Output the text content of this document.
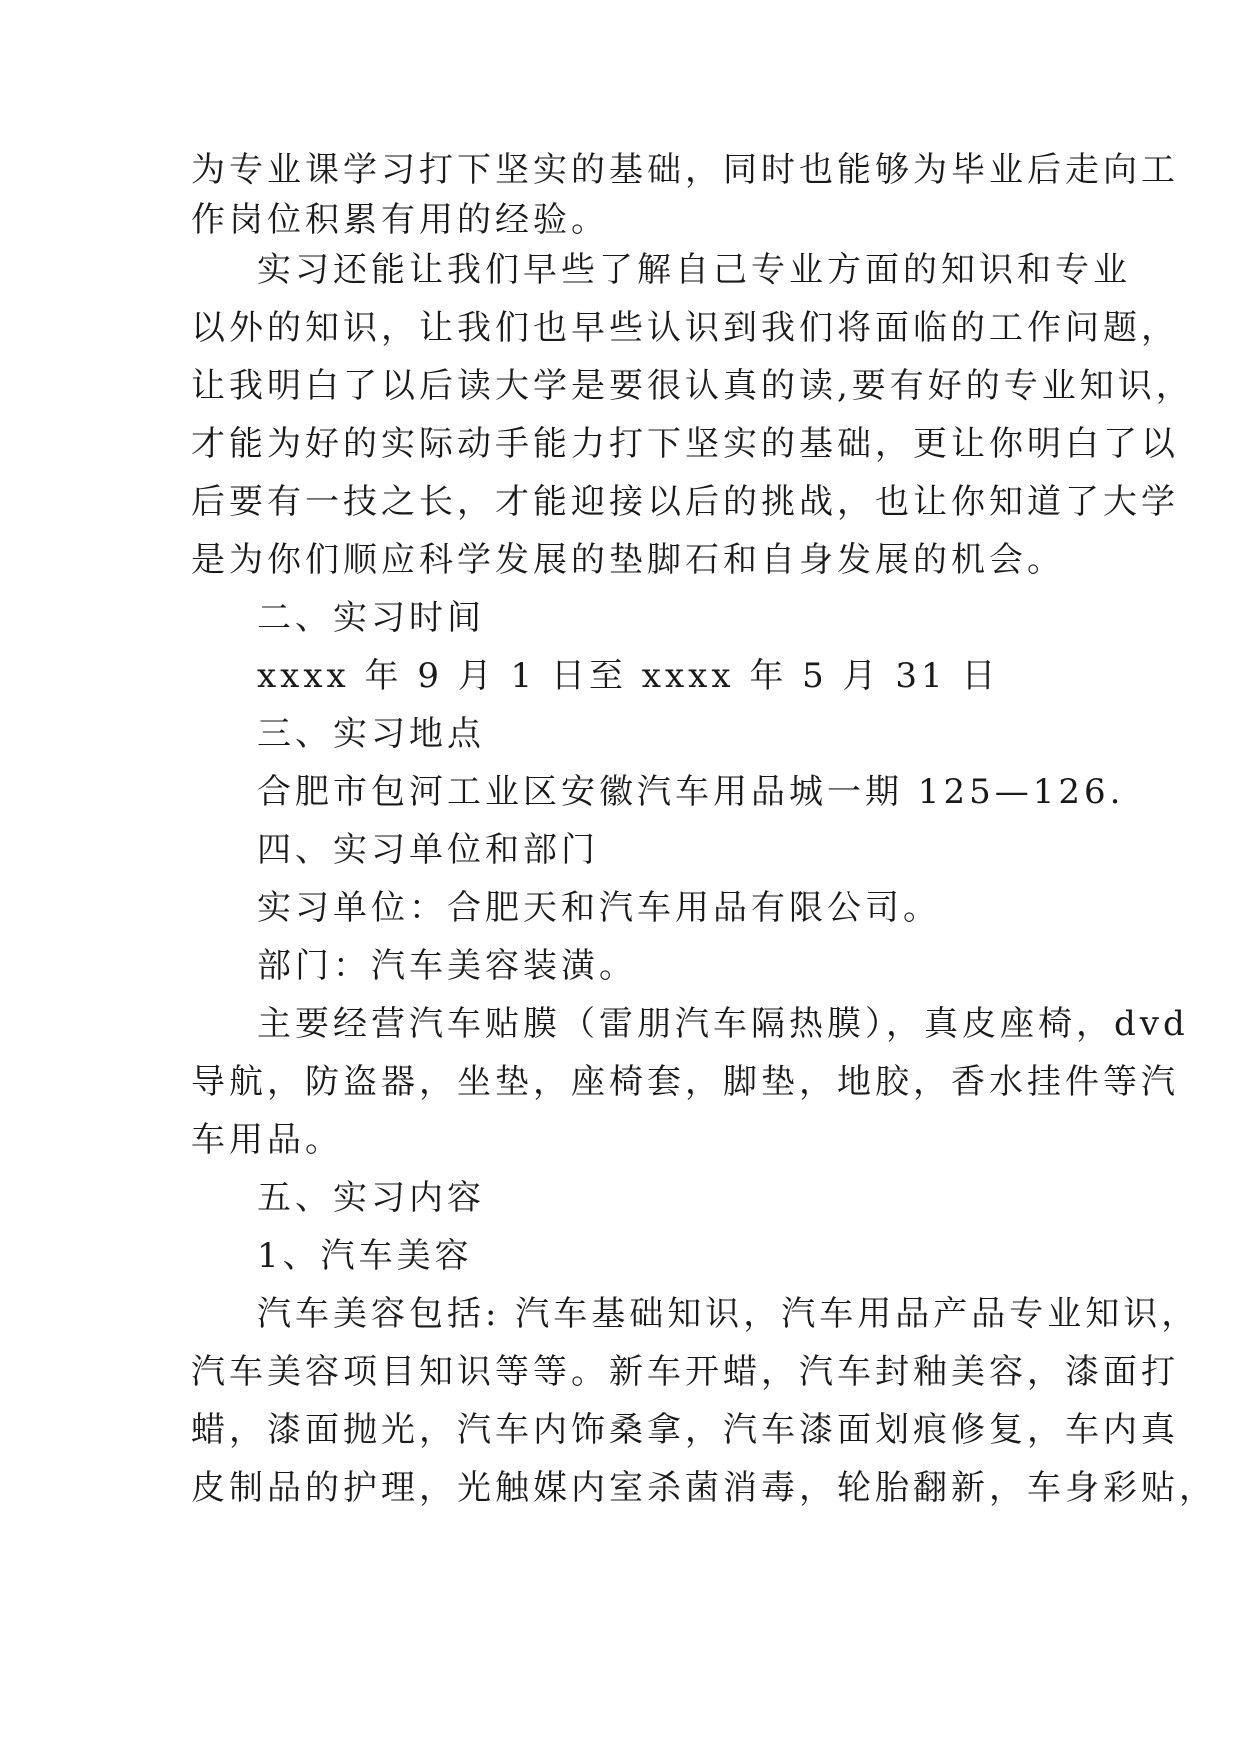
为专业课学习打下坚实的基础，同时也能够为毕业后走向工
作岗位积累有用的经验。
实习还能让我们早些了解自己专业方面的知识和专业
以外的知识，让我们也早些认识到我们将面临的工作问题，
让我明白了以后读大学是要很认真的读,要有好的专业知识，
才能为好的实际动手能力打下坚实的基础，更让你明白了以
后要有一技之长，才能迎接以后的挑战，也让你知道了大学
是为你们顺应科学发展的垫脚石和自身发展的机会。
二、实习时间
xxxx 年 9 月 1 日至 xxxx 年 5 月 31 日
三、实习地点
合肥市包河工业区安徽汽车用品城一期 125—126.
四、实习单位和部门
实习单位：合肥天和汽车用品有限公司。
部门：汽车美容装潢。
主要经营汽车贴膜（雷朋汽车隔热膜），真皮座椅，dvd
导航，防盗器，坐垫，座椅套，脚垫，地胶，香水挂件等汽
车用品。
五、实习内容
1、汽车美容
汽车美容包括: 汽车基础知识，汽车用品产品专业知识，
汽车美容项目知识等等。新车开蜡，汽车封釉美容，漆面打
蜡，漆面抛光，汽车内饰桑拿，汽车漆面划痕修复，车内真
皮制品的护理，光触媒内室杀菌消毒，轮胎翻新，车身彩贴，
